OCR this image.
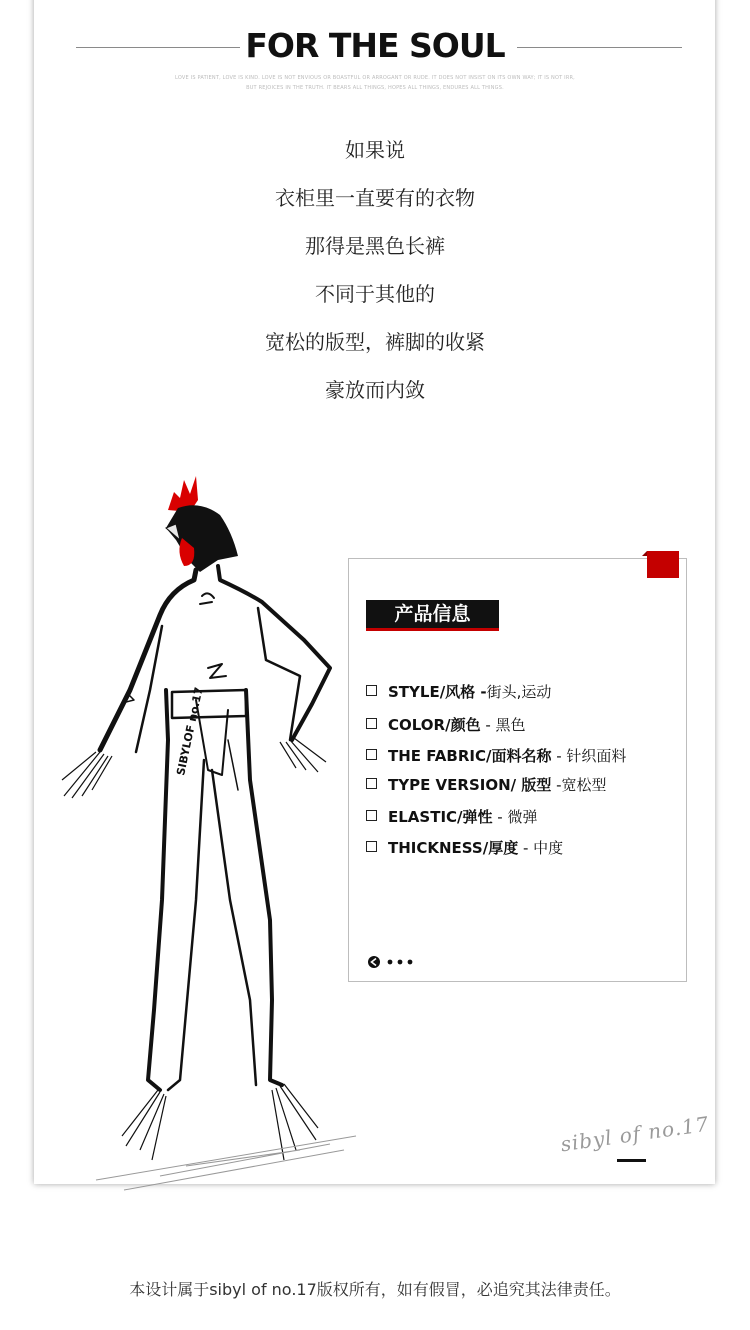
FOR THE SOUL
LOVE IS PATIENT, LOVE IS KIND. LOVE IS NOT ENVIOUS OR BOASTFUL OR ARROGANT OR RUDE. IT DOES NOT INSIST ON ITS OWN WAY; IT IS NOT IRR,
BUT REJOICES IN THE TRUTH. IT BEARS ALL THINGS, HOPES ALL THINGS, ENDURES ALL THINGS.
如果说
衣柜里一直要有的衣物
那得是黑色长裤
不同于其他的
宽松的版型，裤脚的收紧
豪放而内敛
SIBYLOF no.17
产品信息
STYLE/风格 -街头,运动
COLOR/颜色 - 黑色
THE FABRIC/面料名称 - 针织面料
TYPE VERSION/ 版型 -宽松型
ELASTIC/弹性 - 微弹
THICKNESS/厚度 - 中度
sibyl of no.17
本设计属于sibyl of no.17版权所有，如有假冒，必追究其法律责任。
